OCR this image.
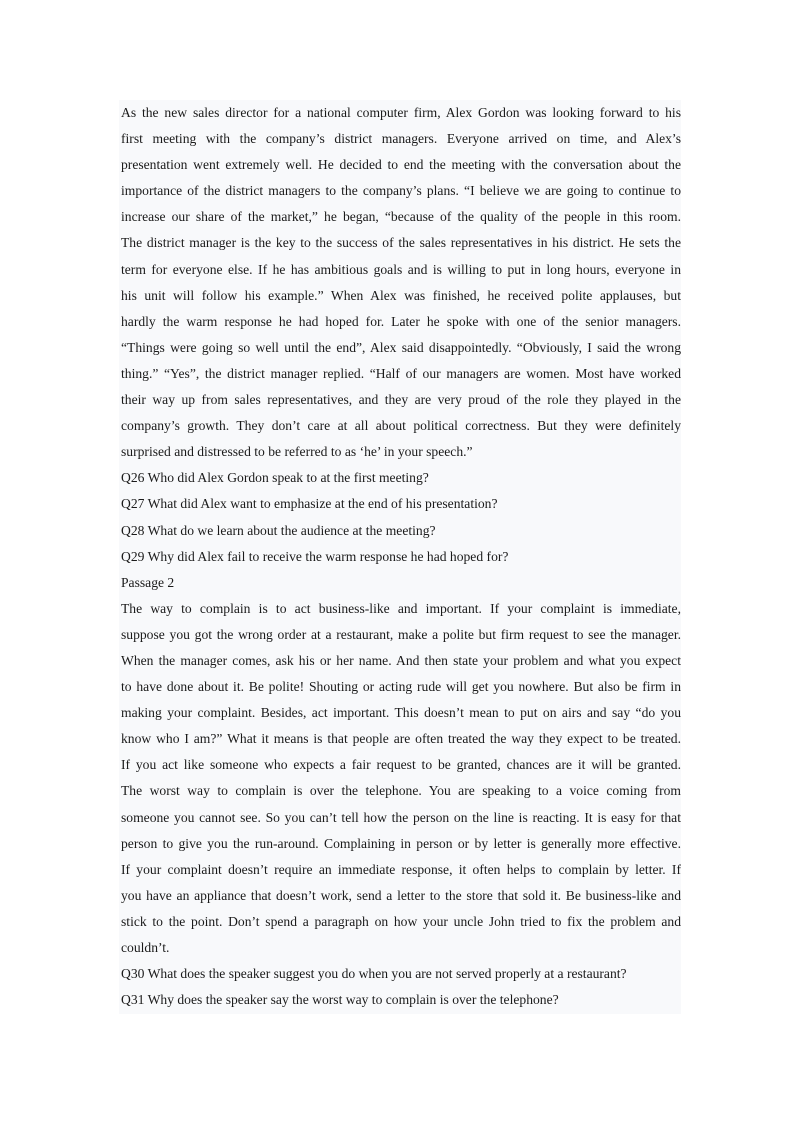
As the new sales director for a national computer firm, Alex Gordon was looking forward to his
first meeting with the company’s district managers. Everyone arrived on time, and Alex’s
presentation went extremely well. He decided to end the meeting with the conversation about the
importance of the district managers to the company’s plans. “I believe we are going to continue to
increase our share of the market,” he began, “because of the quality of the people in this room.
The district manager is the key to the success of the sales representatives in his district. He sets the
term for everyone else. If he has ambitious goals and is willing to put in long hours, everyone in
his unit will follow his example.” When Alex was finished, he received polite applauses, but
hardly the warm response he had hoped for. Later he spoke with one of the senior managers.
“Things were going so well until the end”, Alex said disappointedly. “Obviously, I said the wrong
thing.” “Yes”, the district manager replied. “Half of our managers are women. Most have worked
their way up from sales representatives, and they are very proud of the role they played in the
company’s growth. They don’t care at all about political correctness. But they were definitely
surprised and distressed to be referred to as ‘he’ in your speech.”
Q26 Who did Alex Gordon speak to at the first meeting?
Q27 What did Alex want to emphasize at the end of his presentation?
Q28 What do we learn about the audience at the meeting?
Q29 Why did Alex fail to receive the warm response he had hoped for?
Passage 2
The way to complain is to act business-like and important. If your complaint is immediate,
suppose you got the wrong order at a restaurant, make a polite but firm request to see the manager.
When the manager comes, ask his or her name. And then state your problem and what you expect
to have done about it. Be polite! Shouting or acting rude will get you nowhere. But also be firm in
making your complaint. Besides, act important. This doesn’t mean to put on airs and say “do you
know who I am?” What it means is that people are often treated the way they expect to be treated.
If you act like someone who expects a fair request to be granted, chances are it will be granted.
The worst way to complain is over the telephone. You are speaking to a voice coming from
someone you cannot see. So you can’t tell how the person on the line is reacting. It is easy for that
person to give you the run-around. Complaining in person or by letter is generally more effective.
If your complaint doesn’t require an immediate response, it often helps to complain by letter. If
you have an appliance that doesn’t work, send a letter to the store that sold it. Be business-like and
stick to the point. Don’t spend a paragraph on how your uncle John tried to fix the problem and
couldn’t.
Q30 What does the speaker suggest you do when you are not served properly at a restaurant?
Q31 Why does the speaker say the worst way to complain is over the telephone?
